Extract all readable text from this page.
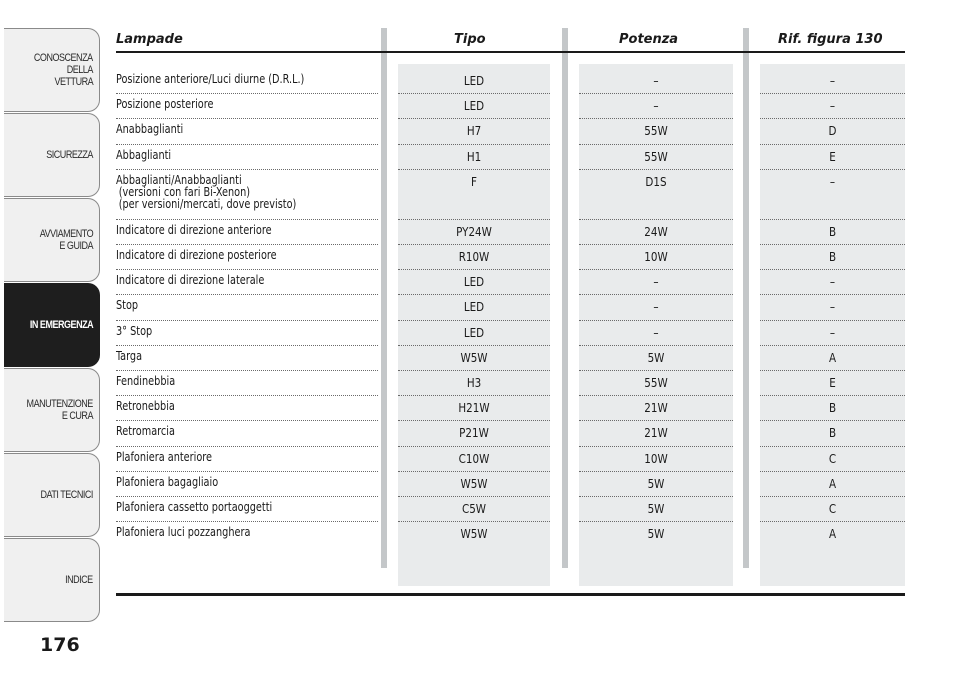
CONOSCENZA
DELLA
VETTURA
SICUREZZA
AVVIAMENTO
E GUIDA
IN EMERGENZA
MANUTENZIONE
E CURA
DATI TECNICI
INDICE
176
Lampade	Tipo	Potenza	Rif. figura 130
Posizione anteriore/Luci diurne (D.R.L.)	LED	–	–
Posizione posteriore	LED	–	–
Anabbaglianti	H7	55W	D
Abbaglianti	H1	55W	E
Abbaglianti/Anabbaglianti
(versioni con fari Bi-Xenon)
(per versioni/mercati, dove previsto)
F	D1S	–
Indicatore di direzione anteriore	PY24W	24W	B
Indicatore di direzione posteriore	R10W	10W	B
Indicatore di direzione laterale	LED	–	–
Stop	LED	–	–
3° Stop	LED	–	–
Targa	W5W	5W	A
Fendinebbia	H3	55W	E
Retronebbia	H21W	21W	B
Retromarcia	P21W	21W	B
Plafoniera anteriore	C10W	10W	C
Plafoniera bagagliaio	W5W	5W	A
Plafoniera cassetto portaoggetti	C5W	5W	C
Plafoniera luci pozzanghera	W5W	5W	A
